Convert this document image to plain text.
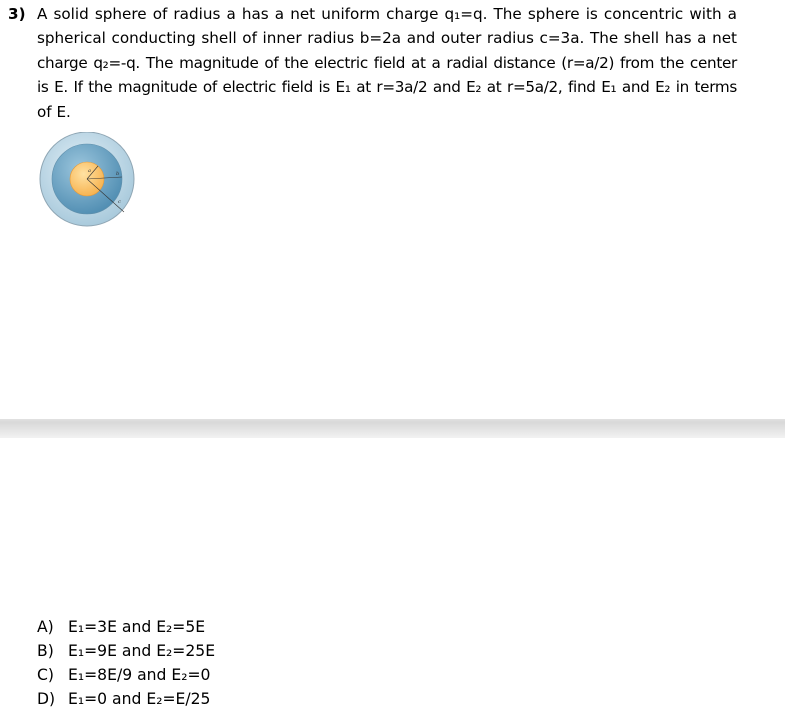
3) A solid sphere of radius a has a net uniform charge q₁=q. The sphere is concentric with a
spherical conducting shell of inner radius b=2a and outer radius c=3a. The shell has a net
charge q₂=-q. The magnitude of the electric field at a radial distance (r=a/2) from the center
is E. If the magnitude of electric field is E₁ at r=3a/2 and E₂ at r=5a/2, find E₁ and E₂ in terms
of E.

a	b
c
A) E₁=3E and E₂=5E
B) E₁=9E and E₂=25E
C) E₁=8E/9 and E₂=0
D) E₁=0 and E₂=E/25
